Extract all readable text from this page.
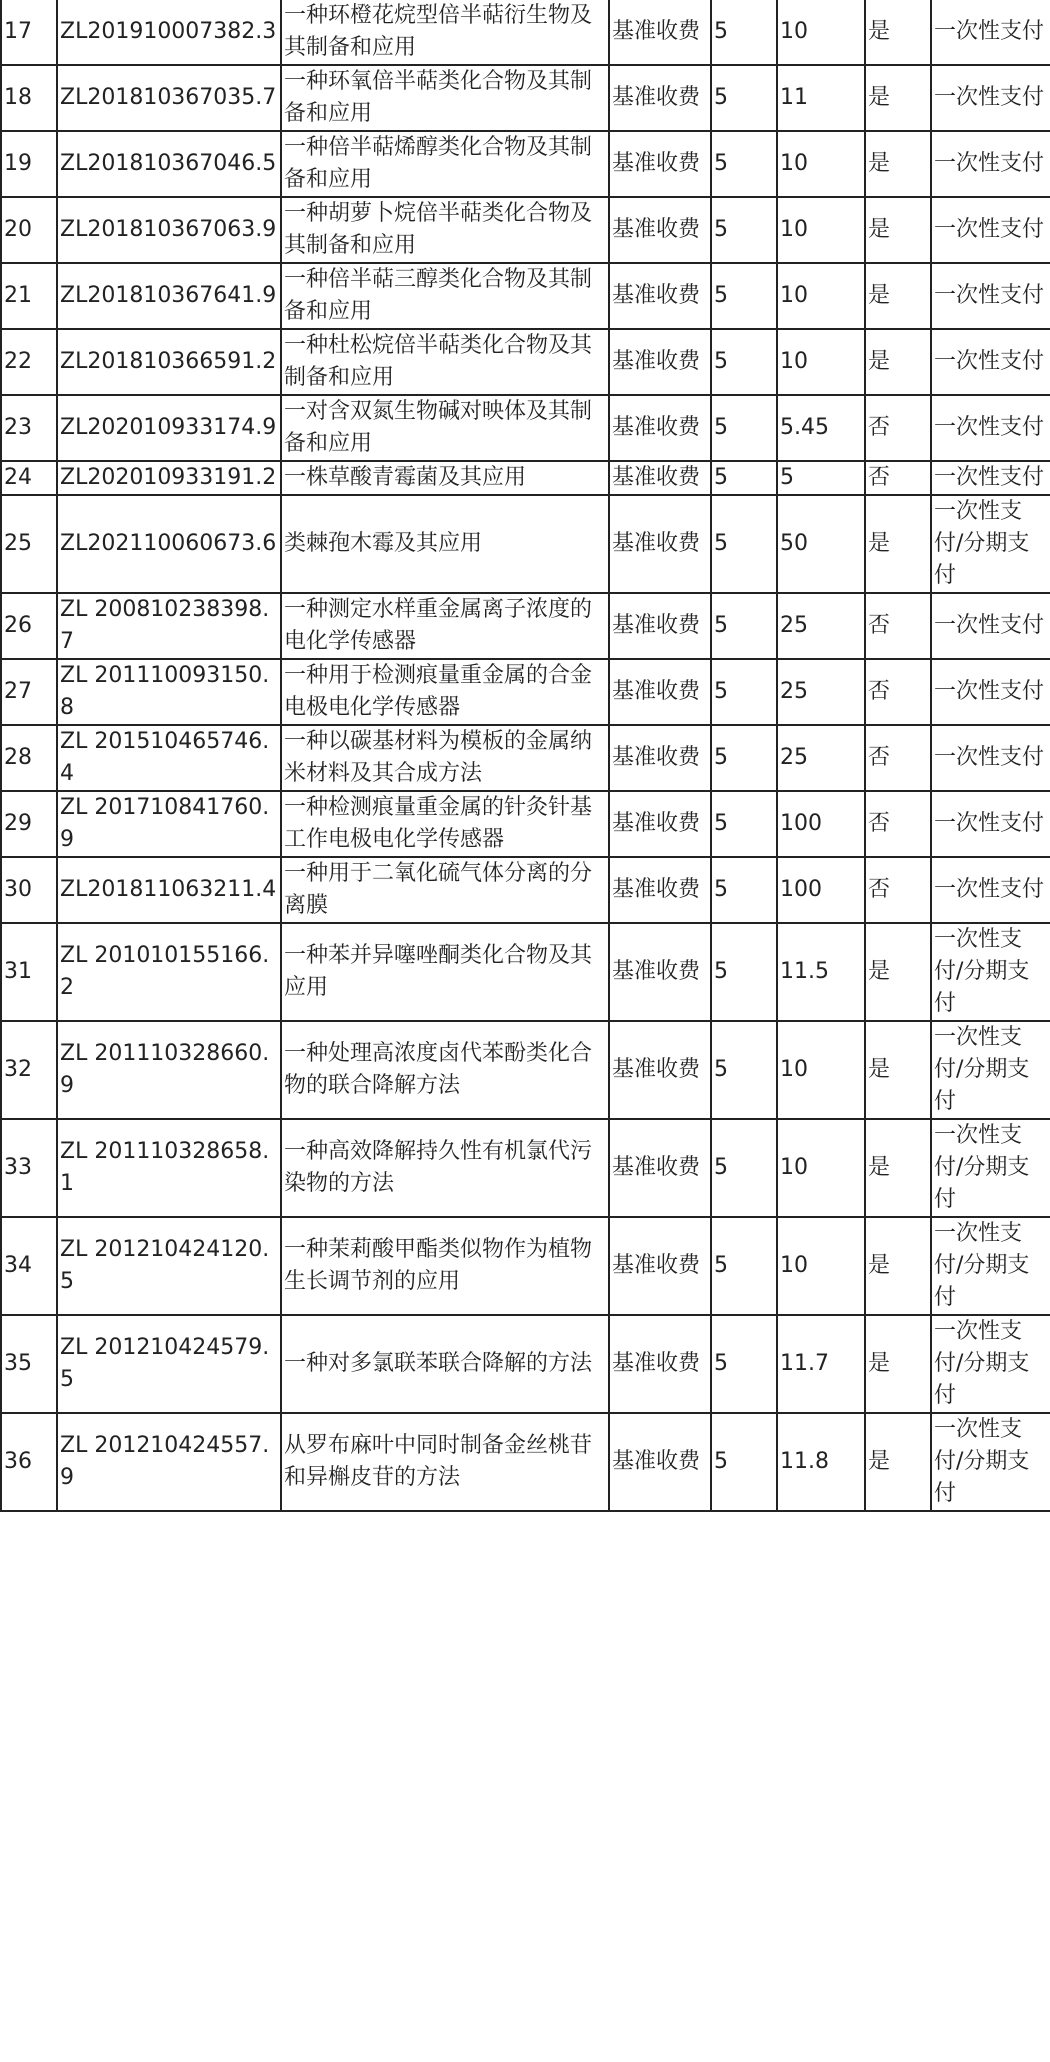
17	ZL201910007382.3	一种环橙花烷型倍半萜衍生物及其制备和应用	基准收费	5	10	是	一次性支付
18	ZL201810367035.7	一种环氧倍半萜类化合物及其制备和应用	基准收费	5	11	是	一次性支付
19	ZL201810367046.5	一种倍半萜烯醇类化合物及其制备和应用	基准收费	5	10	是	一次性支付
20	ZL201810367063.9	一种胡萝卜烷倍半萜类化合物及其制备和应用	基准收费	5	10	是	一次性支付
21	ZL201810367641.9	一种倍半萜三醇类化合物及其制备和应用	基准收费	5	10	是	一次性支付
22	ZL201810366591.2	一种杜松烷倍半萜类化合物及其制备和应用	基准收费	5	10	是	一次性支付
23	ZL202010933174.9	一对含双氮生物碱对映体及其制备和应用	基准收费	5	5.45	否	一次性支付
24	ZL202010933191.2	一株草酸青霉菌及其应用	基准收费	5	5	否	一次性支付
25	ZL202110060673.6	类棘孢木霉及其应用	基准收费	5	50	是	一次性支付/分期支付
26	ZL 200810238398.7	一种测定水样重金属离子浓度的电化学传感器	基准收费	5	25	否	一次性支付
27	ZL 201110093150.8	一种用于检测痕量重金属的合金电极电化学传感器	基准收费	5	25	否	一次性支付
28	ZL 201510465746.4	一种以碳基材料为模板的金属纳米材料及其合成方法	基准收费	5	25	否	一次性支付
29	ZL 201710841760.9	一种检测痕量重金属的针灸针基工作电极电化学传感器	基准收费	5	100	否	一次性支付
30	ZL201811063211.4	一种用于二氧化硫气体分离的分离膜	基准收费	5	100	否	一次性支付
31	ZL 201010155166.2	一种苯并异噻唑酮类化合物及其应用	基准收费	5	11.5	是	一次性支付/分期支付
32	ZL 201110328660.9	一种处理高浓度卤代苯酚类化合物的联合降解方法	基准收费	5	10	是	一次性支付/分期支付
33	ZL 201110328658.1	一种高效降解持久性有机氯代污染物的方法	基准收费	5	10	是	一次性支付/分期支付
34	ZL 201210424120.5	一种茉莉酸甲酯类似物作为植物生长调节剂的应用	基准收费	5	10	是	一次性支付/分期支付
35	ZL 201210424579.5	一种对多氯联苯联合降解的方法	基准收费	5	11.7	是	一次性支付/分期支付
36	ZL 201210424557.9	从罗布麻叶中同时制备金丝桃苷和异槲皮苷的方法	基准收费	5	11.8	是	一次性支付/分期支付
